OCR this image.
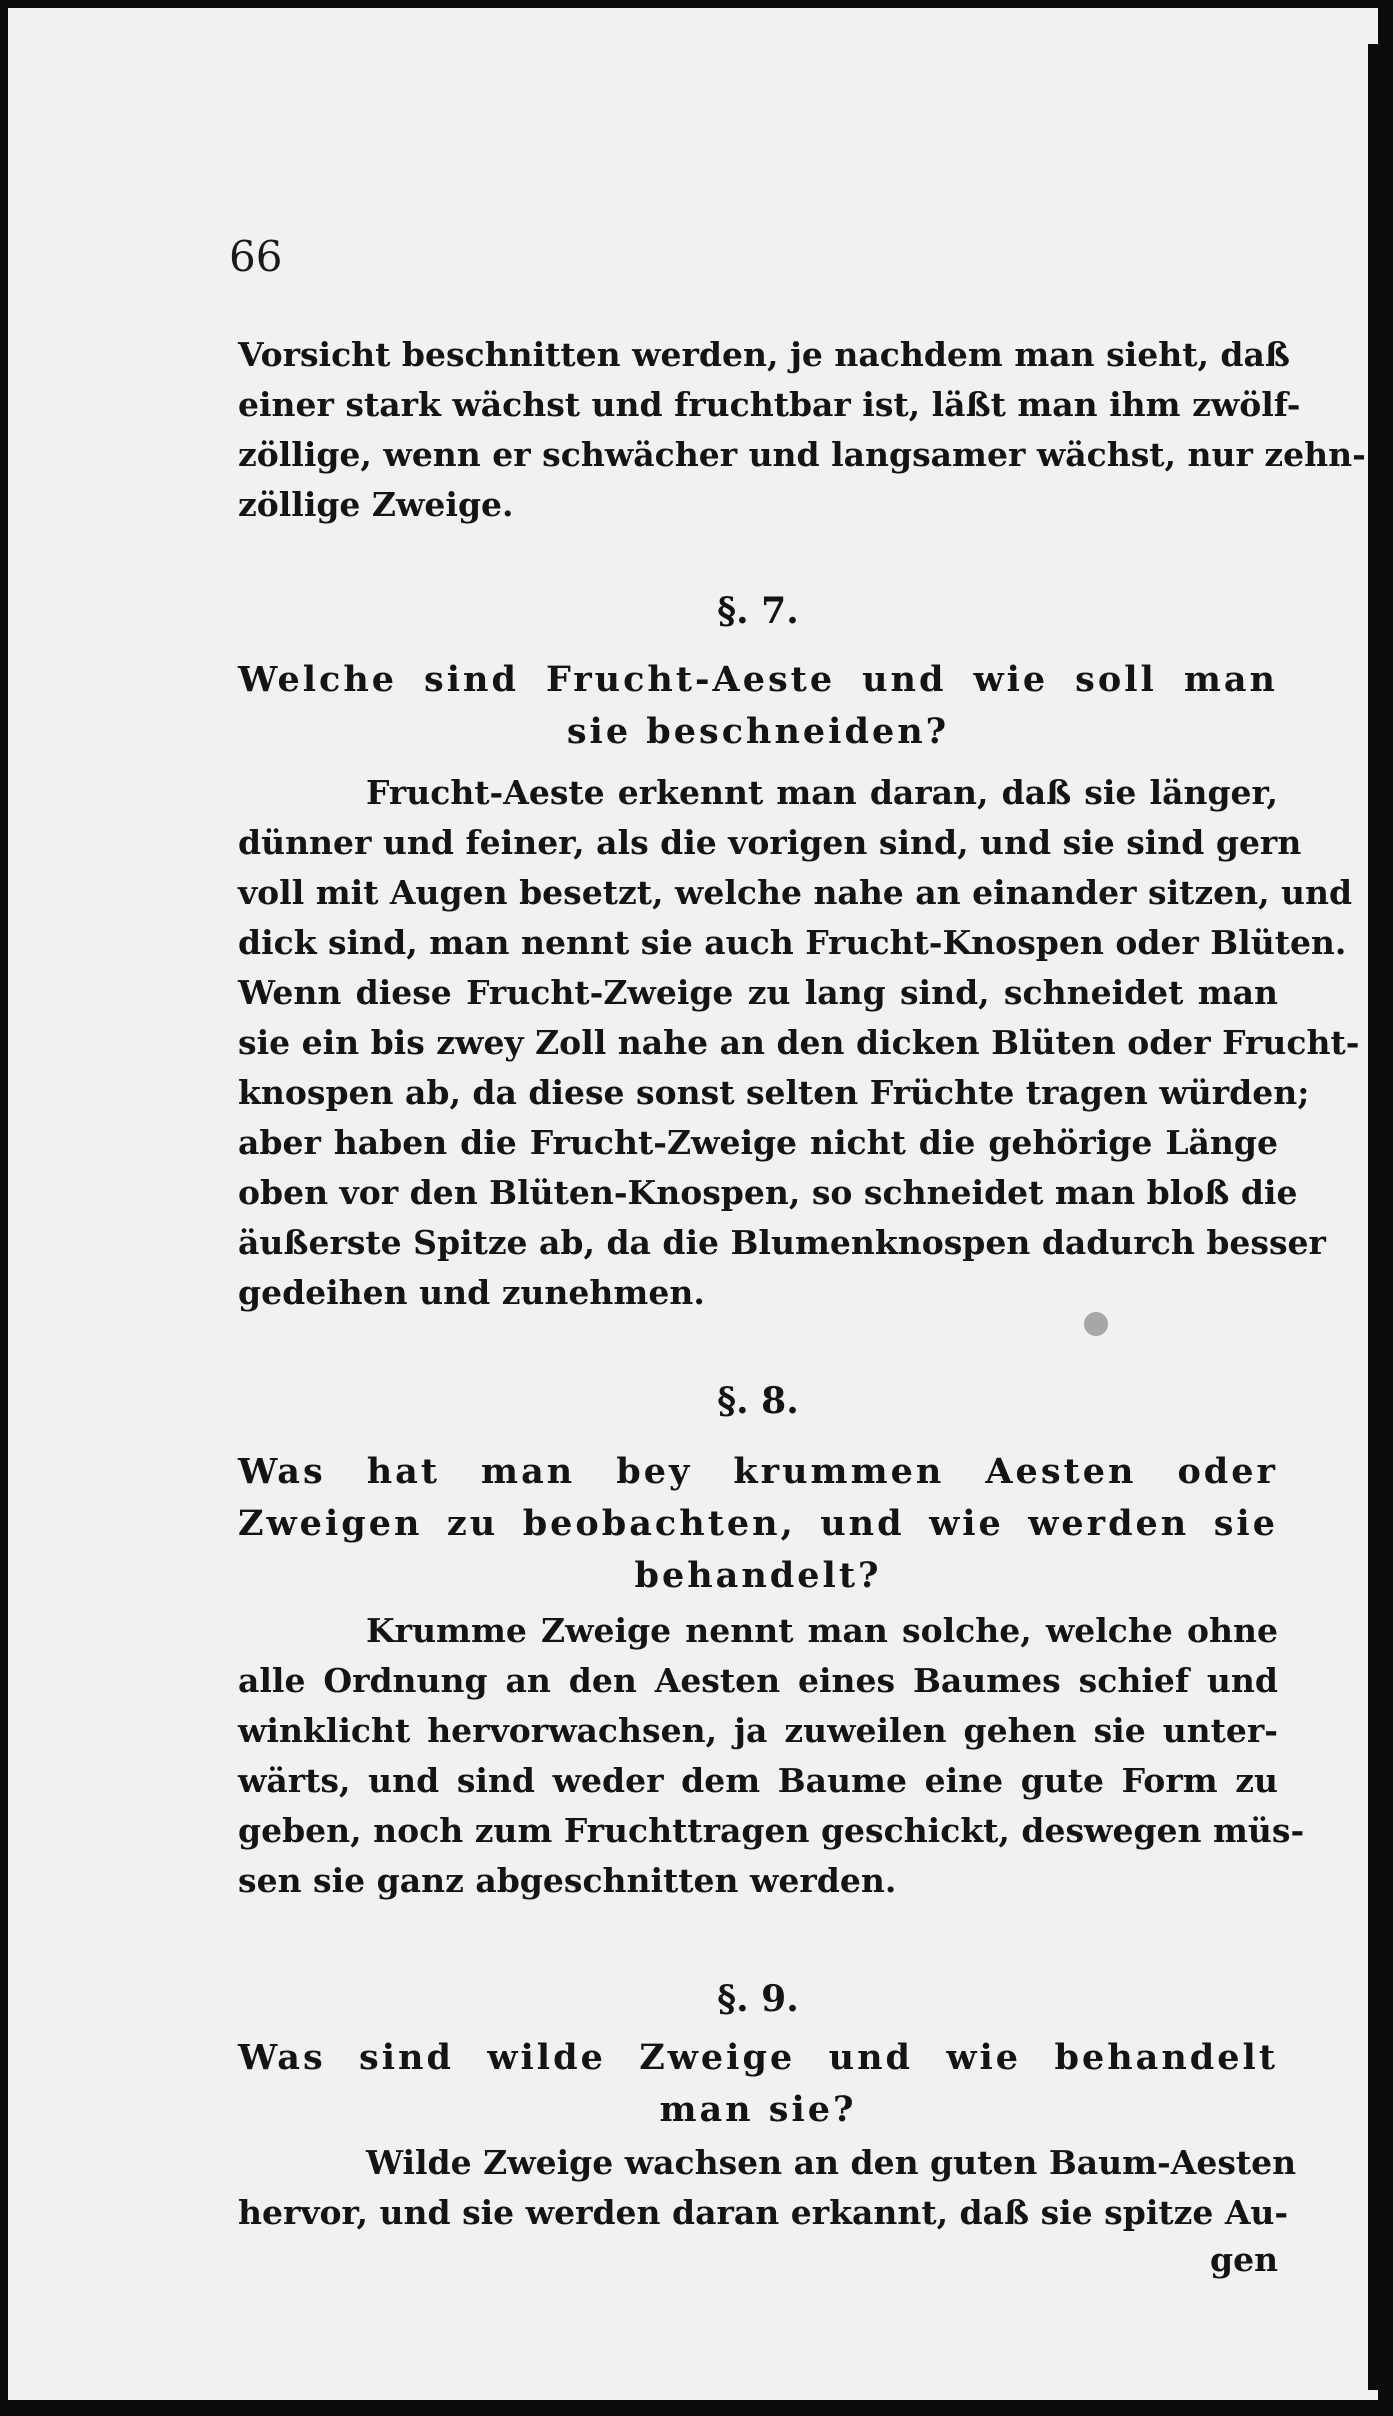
66
Vorsicht beschnitten werden, je nachdem man sieht, daß
einer stark wächst und fruchtbar ist, läßt man ihm zwölf-
zöllige, wenn er schwächer und langsamer wächst, nur zehn-
zöllige Zweige.
§. 7.
Welche sind Frucht-Aeste und wie soll man
sie beschneiden?
Frucht-Aeste erkennt man daran, daß sie länger,
dünner und feiner, als die vorigen sind, und sie sind gern
voll mit Augen besetzt, welche nahe an einander sitzen, und
dick sind, man nennt sie auch Frucht-Knospen oder Blüten.
Wenn diese Frucht-Zweige zu lang sind, schneidet man
sie ein bis zwey Zoll nahe an den dicken Blüten oder Frucht-
knospen ab, da diese sonst selten Früchte tragen würden;
aber haben die Frucht-Zweige nicht die gehörige Länge
oben vor den Blüten-Knospen, so schneidet man bloß die
äußerste Spitze ab, da die Blumenknospen dadurch besser
gedeihen und zunehmen.
§. 8.
Was hat man bey krummen Aesten oder
Zweigen zu beobachten, und wie werden sie
behandelt?
Krumme Zweige nennt man solche, welche ohne
alle Ordnung an den Aesten eines Baumes schief und
winklicht hervorwachsen, ja zuweilen gehen sie unter-
wärts, und sind weder dem Baume eine gute Form zu
geben, noch zum Fruchttragen geschickt, deswegen müs-
sen sie ganz abgeschnitten werden.
§. 9.
Was sind wilde Zweige und wie behandelt
man sie?
Wilde Zweige wachsen an den guten Baum-Aesten
hervor, und sie werden daran erkannt, daß sie spitze Au-
gen
